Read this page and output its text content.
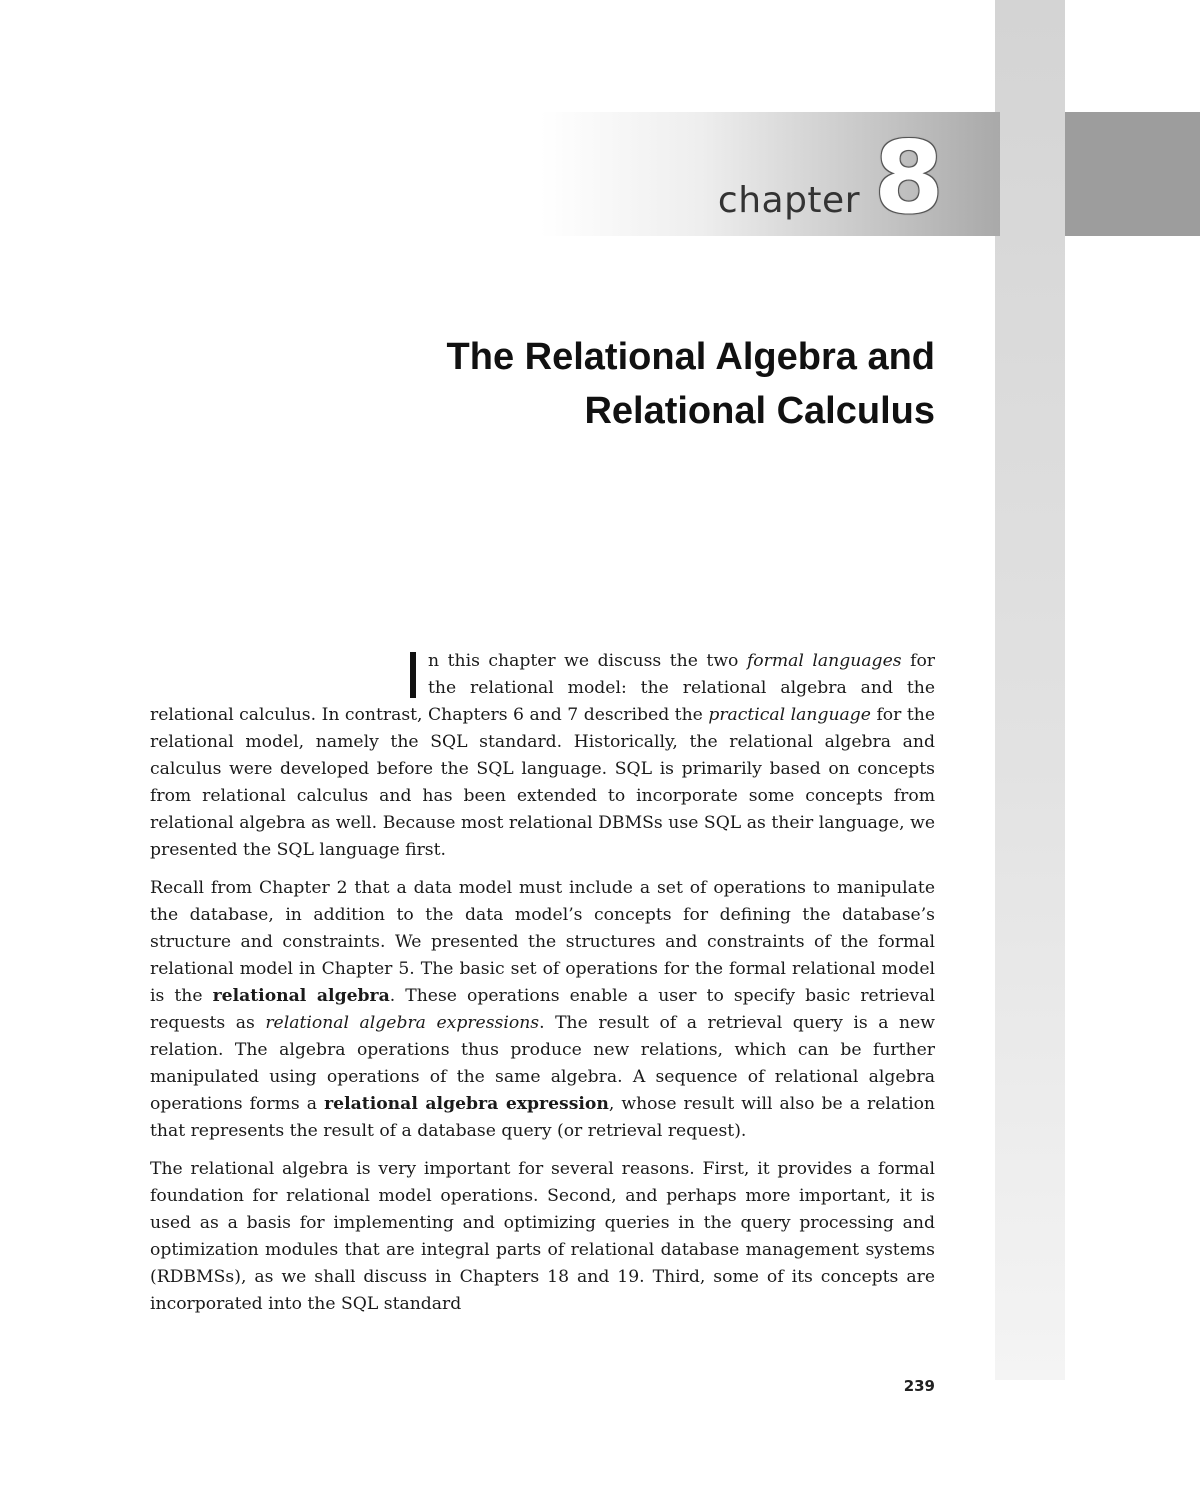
chapter 8
The Relational Algebra and
Relational Calculus

n this chapter we discuss the two formal languages for the relational model: the relational algebra and the relational calculus. In contrast, Chapters 6 and 7 described the practical language for the relational model, namely the SQL standard. Historically, the relational algebra and calculus were developed before the SQL language. SQL is primarily based on concepts from relational calculus and has been extended to incorporate some concepts from relational algebra as well. Because most relational DBMSs use SQL as their language, we presented the SQL language first.

Recall from Chapter 2 that a data model must include a set of operations to manipulate the database, in addition to the data model’s concepts for defining the database’s structure and constraints. We presented the structures and constraints of the formal relational model in Chapter 5. The basic set of operations for the formal relational model is the relational algebra. These operations enable a user to specify basic retrieval requests as relational algebra expressions. The result of a retrieval query is a new relation. The algebra operations thus produce new relations, which can be further manipulated using operations of the same algebra. A sequence of relational algebra operations forms a relational algebra expression, whose result will also be a relation that represents the result of a database query (or retrieval request).

The relational algebra is very important for several reasons. First, it provides a formal foundation for relational model operations. Second, and perhaps more important, it is used as a basis for implementing and optimizing queries in the query processing and optimization modules that are integral parts of relational database management systems (RDBMSs), as we shall discuss in Chapters 18 and 19. Third, some of its concepts are incorporated into the SQL standard

239
